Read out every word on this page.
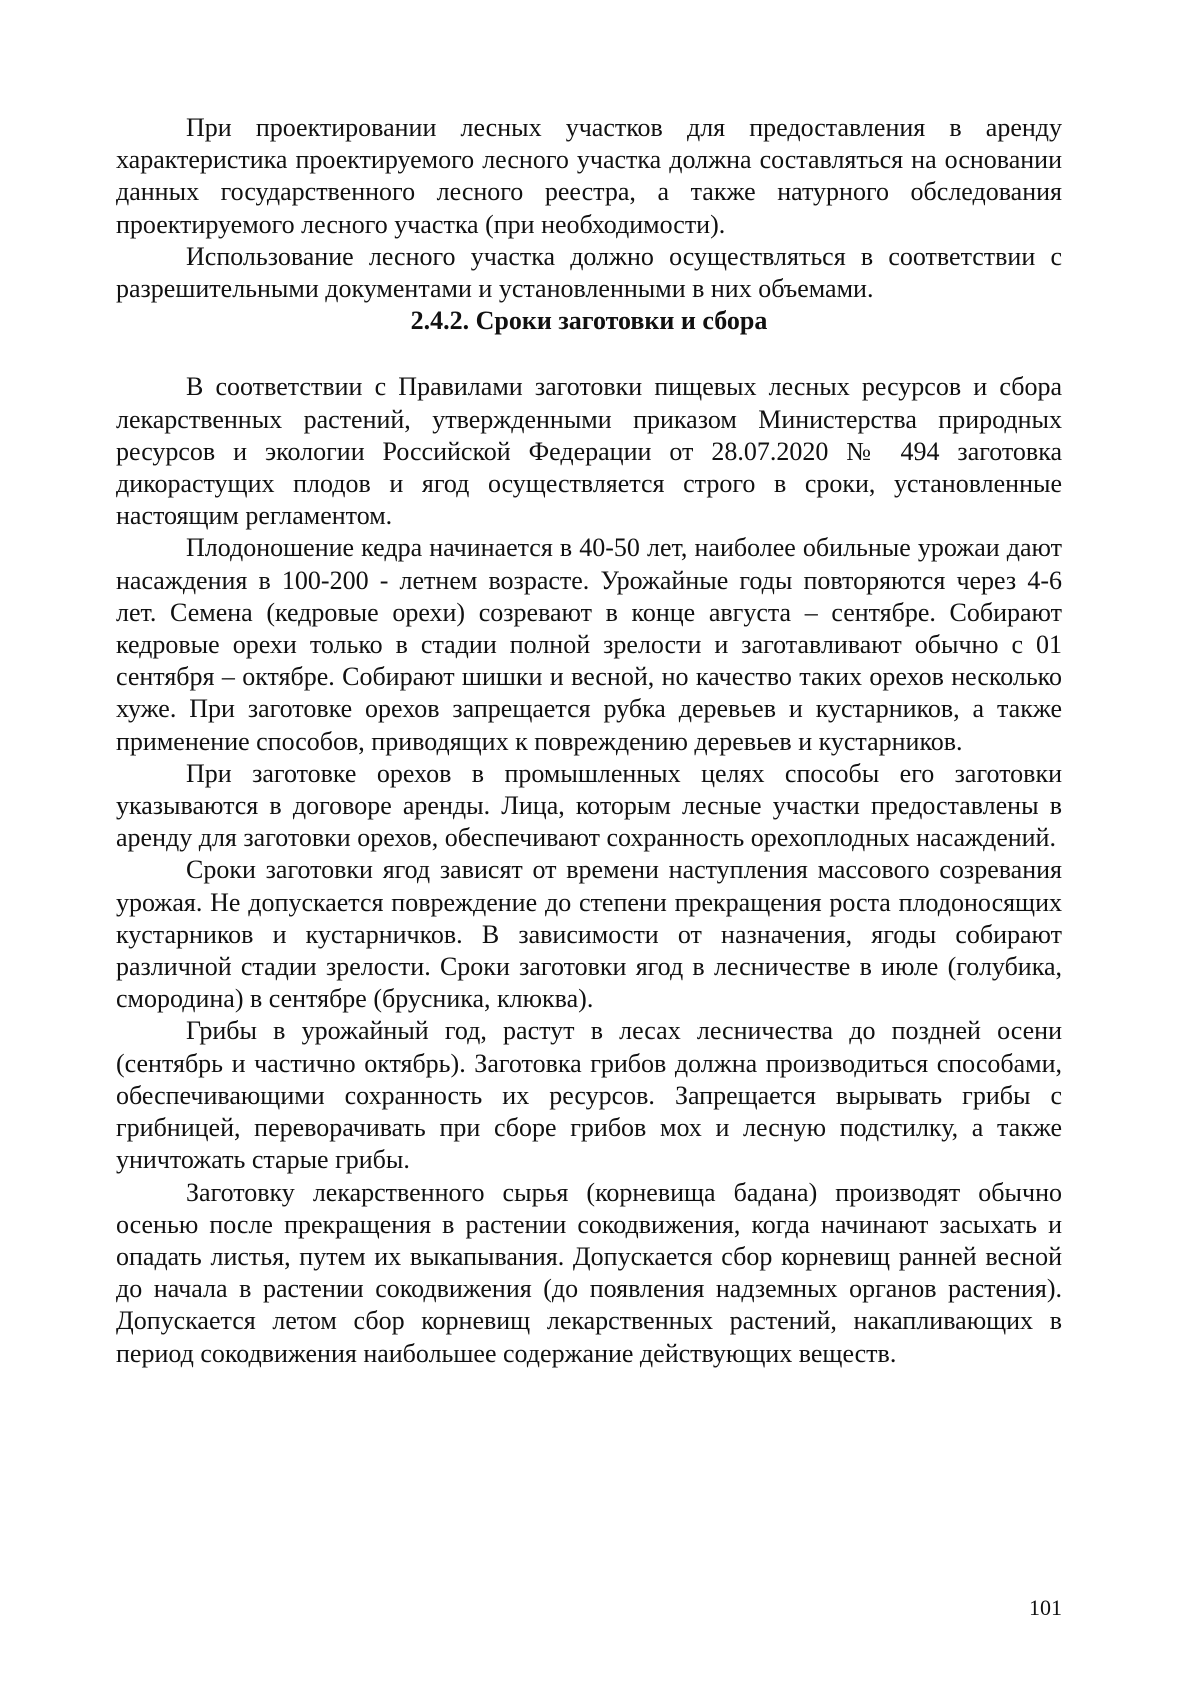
При проектировании лесных участков для предоставления в аренду характеристика проектируемого лесного участка должна составляться на основании данных государственного лесного реестра, а также натурного обследования проектируемого лесного участка (при необходимости).

Использование лесного участка должно осуществляться в соответствии с разрешительными документами и установленными в них объемами.

2.4.2. Сроки заготовки и сбора

В соответствии с Правилами заготовки пищевых лесных ресурсов и сбора лекарственных растений, утвержденными приказом Министерства природных ресурсов и экологии Российской Федерации от 28.07.2020 № 494 заготовка дикорастущих плодов и ягод осуществляется строго в сроки, установленные настоящим регламентом.

Плодоношение кедра начинается в 40-50 лет, наиболее обильные урожаи дают насаждения в 100-200 - летнем возрасте. Урожайные годы повторяются через 4-6 лет. Семена (кедровые орехи) созревают в конце августа – сентябре. Собирают кедровые орехи только в стадии полной зрелости и заготавливают обычно с 01 сентября – октябре. Собирают шишки и весной, но качество таких орехов несколько хуже. При заготовке орехов запрещается рубка деревьев и кустарников, а также применение способов, приводящих к повреждению деревьев и кустарников.

При заготовке орехов в промышленных целях способы его заготовки указываются в договоре аренды. Лица, которым лесные участки предоставлены в аренду для заготовки орехов, обеспечивают сохранность орехоплодных насаждений.

Сроки заготовки ягод зависят от времени наступления массового созревания урожая. Не допускается повреждение до степени прекращения роста плодоносящих кустарников и кустарничков. В зависимости от назначения, ягоды собирают различной стадии зрелости. Сроки заготовки ягод в лесничестве в июле (голубика, смородина) в сентябре (брусника, клюква).

Грибы в урожайный год, растут в лесах лесничества до поздней осени (сентябрь и частично октябрь). Заготовка грибов должна производиться способами, обеспечивающими сохранность их ресурсов. Запрещается вырывать грибы с грибницей, переворачивать при сборе грибов мох и лесную подстилку, а также уничтожать старые грибы.

Заготовку лекарственного сырья (корневища бадана) производят обычно осенью после прекращения в растении сокодвижения, когда начинают засыхать и опадать листья, путем их выкапывания. Допускается сбор корневищ ранней весной до начала в растении сокодвижения (до появления надземных органов растения). Допускается летом сбор корневищ лекарственных растений, накапливающих в период сокодвижения наибольшее содержание действующих веществ.

101
